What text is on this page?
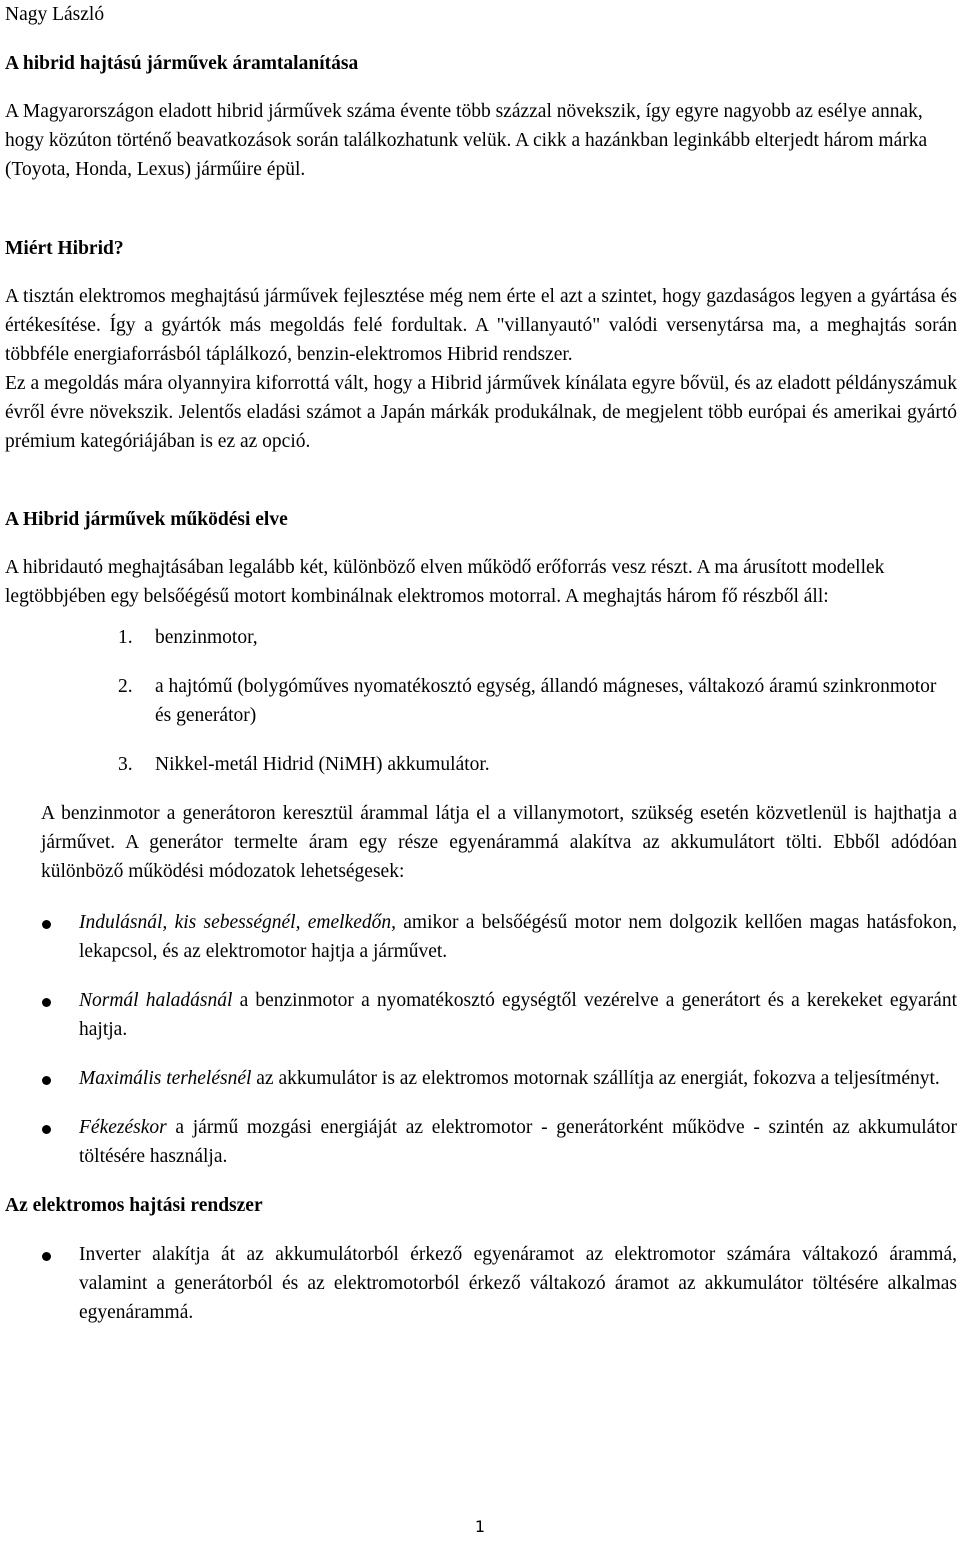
Nagy László

A hibrid hajtású járművek áramtalanítása

A Magyarországon eladott hibrid járművek száma évente több százzal növekszik, így egyre nagyobb az esélye annak, hogy közúton történő beavatkozások során találkozhatunk velük. A cikk a hazánkban leginkább elterjedt három márka (Toyota, Honda, Lexus) járműire épül.

Miért Hibrid?

A tisztán elektromos meghajtású járművek fejlesztése még nem érte el azt a szintet, hogy gazdaságos legyen a gyártása és értékesítése. Így a gyártók más megoldás felé fordultak. A "villanyautó" valódi versenytársa ma, a meghajtás során többféle energiaforrásból táplálkozó, benzin-elektromos Hibrid rendszer.

Ez a megoldás mára olyannyira kiforrottá vált, hogy a Hibrid járművek kínálata egyre bővül, és az eladott példányszámuk évről évre növekszik. Jelentős eladási számot a Japán márkák produkálnak, de megjelent több európai és amerikai gyártó prémium kategóriájában is ez az opció.

A Hibrid járművek működési elve

A hibridautó meghajtásában legalább két, különböző elven működő erőforrás vesz részt. A ma árusított modellek legtöbbjében egy belsőégésű motort kombinálnak elektromos motorral. A meghajtás három fő részből áll:

1. benzinmotor,
2. a hajtómű (bolygóműves nyomatékosztó egység, állandó mágneses, váltakozó áramú szinkronmotor és generátor)
3. Nikkel-metál Hidrid (NiMH) akkumulátor.

A benzinmotor a generátoron keresztül árammal látja el a villanymotort, szükség esetén közvetlenül is hajthatja a járművet. A generátor termelte áram egy része egyenárammá alakítva az akkumulátort tölti. Ebből adódóan különböző működési módozatok lehetségesek:

Indulásnál, kis sebességnél, emelkedőn, amikor a belsőégésű motor nem dolgozik kellően magas hatásfokon, lekapcsol, és az elektromotor hajtja a járművet.
Normál haladásnál a benzinmotor a nyomatékosztó egységtől vezérelve a generátort és a kerekeket egyaránt hajtja.
Maximális terhelésnél az akkumulátor is az elektromos motornak szállítja az energiát, fokozva a teljesítményt.
Fékezéskor a jármű mozgási energiáját az elektromotor - generátorként működve - szintén az akkumulátor töltésére használja.
Az elektromos hajtási rendszer
Inverter alakítja át az akkumulátorból érkező egyenáramot az elektromotor számára váltakozó árammá, valamint a generátorból és az elektromotorból érkező váltakozó áramot az akkumulátor töltésére alkalmas egyenárammá.
1
